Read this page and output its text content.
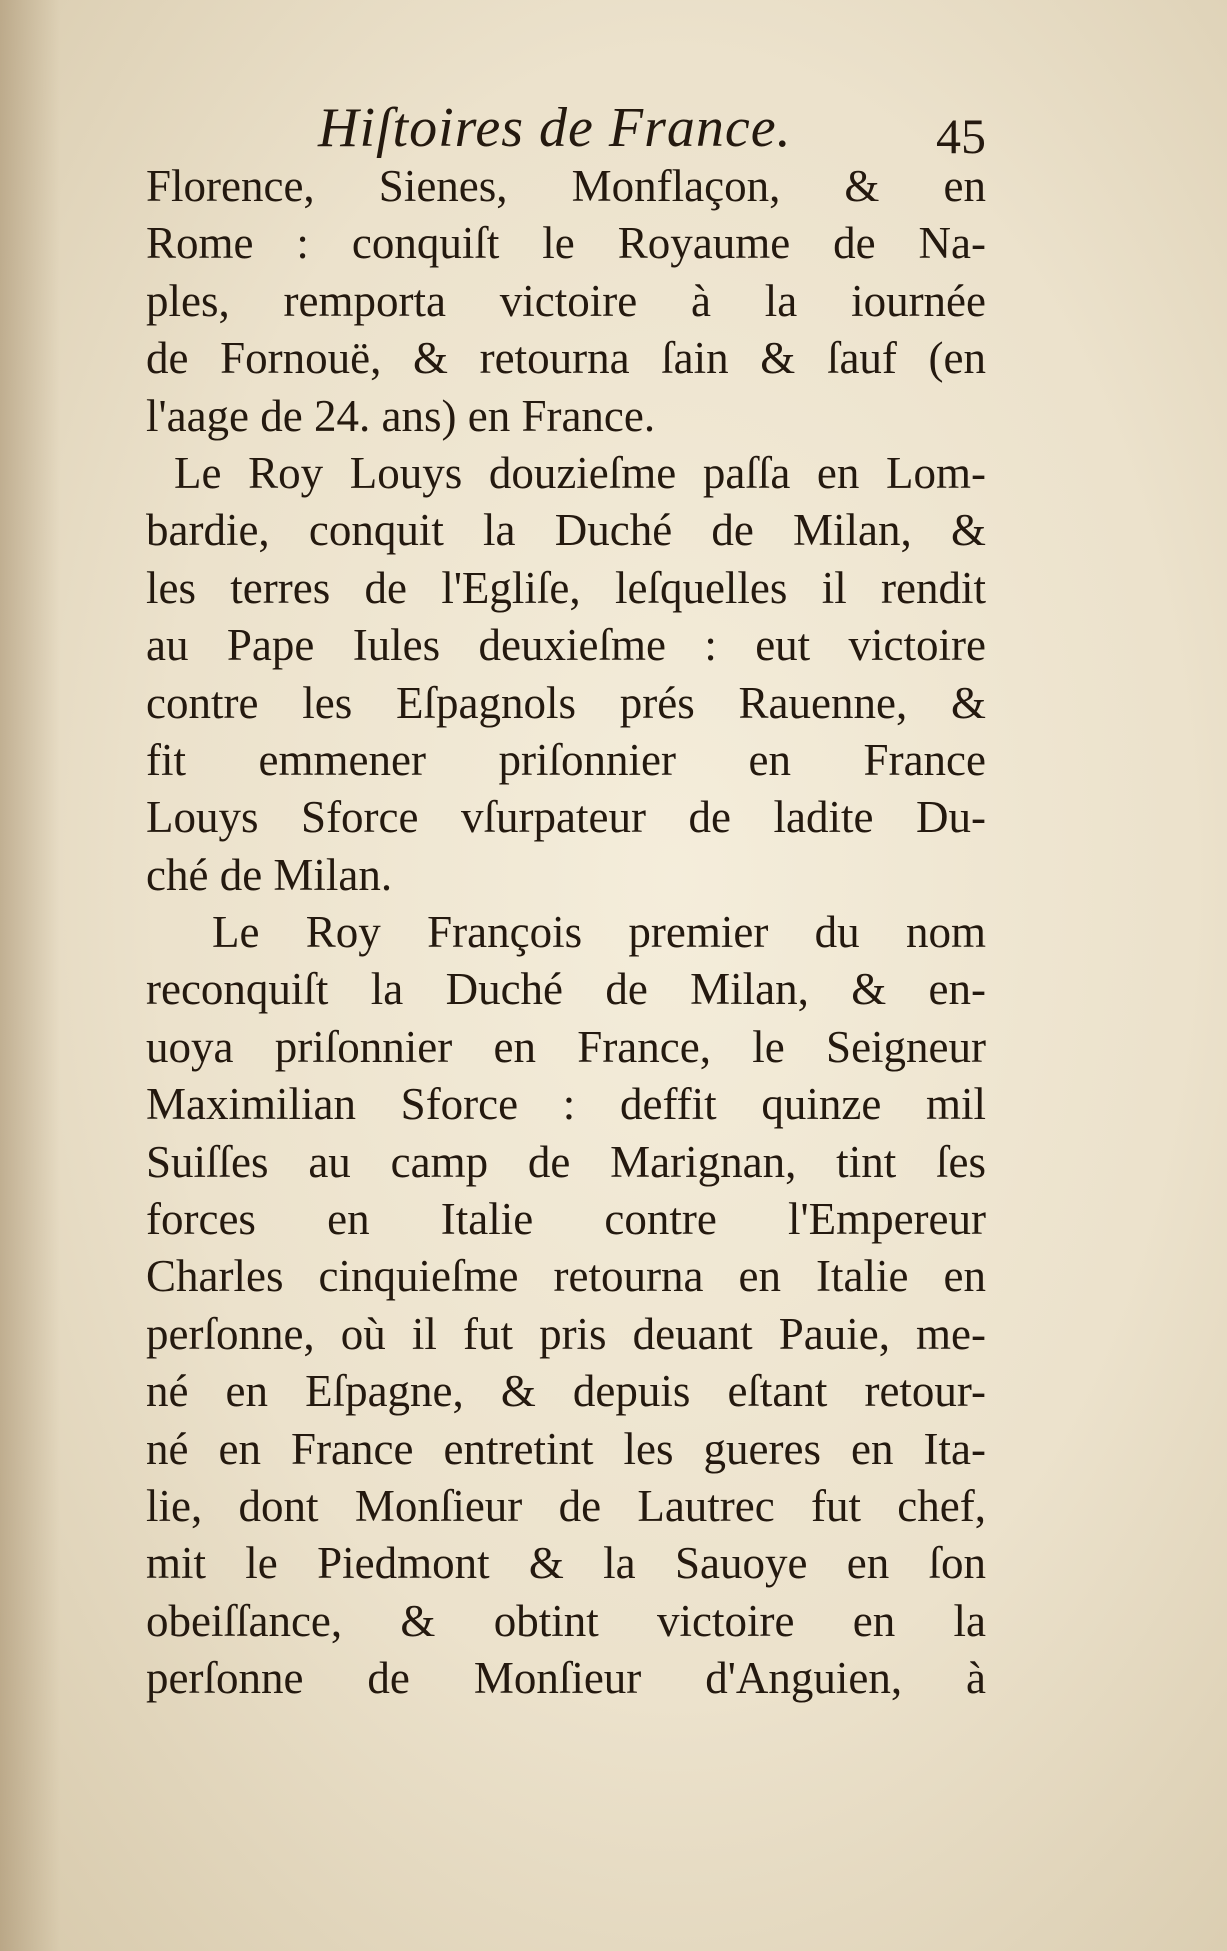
Hiſtoires de France.	45
Florence, Sienes, Monflaçon, & en
Rome : conquiſt le Royaume de Na-
ples, remporta victoire à la iournée
de Fornouë, & retourna ſain & ſauf (en
l'aage de 24. ans) en France.
Le Roy Louys douzieſme paſſa en Lom-
bardie, conquit la Duché de Milan, &
les terres de l'Egliſe, leſquelles il rendit
au Pape Iules deuxieſme : eut victoire
contre les Eſpagnols prés Rauenne, &
fit emmener priſonnier en France
Louys Sforce vſurpateur de ladite Du-
ché de Milan.
Le Roy François premier du nom
reconquiſt la Duché de Milan, & en-
uoya priſonnier en France, le Seigneur
Maximilian Sforce : deffit quinze mil
Suiſſes au camp de Marignan, tint ſes
forces en Italie contre l'Empereur
Charles cinquieſme retourna en Italie en
perſonne, où il fut pris deuant Pauie, me-
né en Eſpagne, & depuis eſtant retour-
né en France entretint les gueres en Ita-
lie, dont Monſieur de Lautrec fut chef,
mit le Piedmont & la Sauoye en ſon
obeiſſance, & obtint victoire en la
perſonne de Monſieur d'Anguien, à
